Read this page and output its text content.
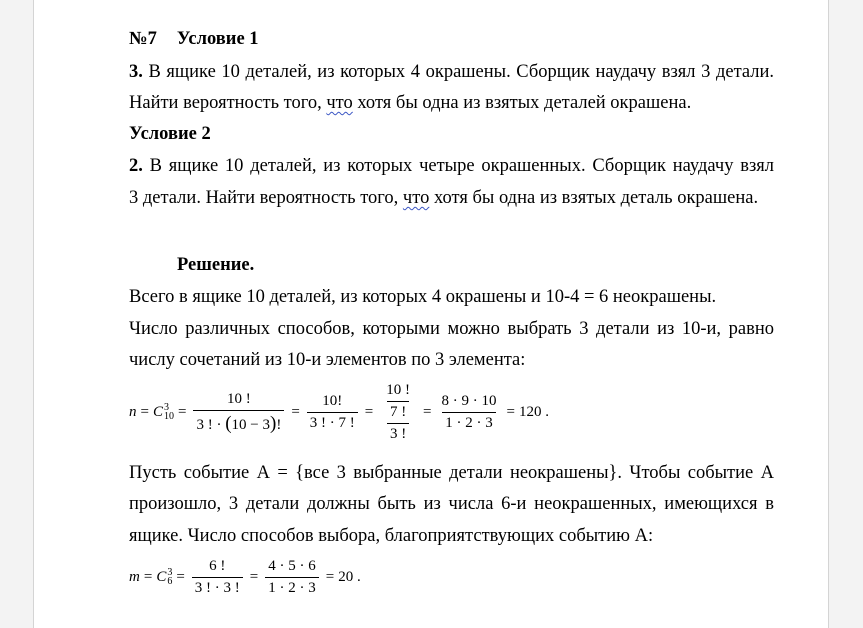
№7 Условие 1
3. В ящике 10 деталей, из которых 4 окрашены. Сборщик наудачу взял 3 детали.
Найти вероятность того, что хотя бы одна из взятых деталей окрашена.
Условие 2
2. В ящике 10 деталей, из которых четыре окрашенных. Сборщик наудачу взял
3 детали. Найти вероятность того, что хотя бы одна из взятых деталь окрашена.
Решение.
Всего в ящике 10 деталей, из которых 4 окрашены и 10-4 = 6 неокрашены.
Число различных способов, которыми можно выбрать 3 детали из 10-и, равно
числу сочетаний из 10-и элементов по 3 элемента:
n = C 3
$10 = \frac{10 !}{3 ! \cdot (10 - 3)!} = \frac{10!}{3 ! \cdot 7 !} = \frac{\frac{10 !}{7 !}}{3 !} = \frac{8 \cdot 9 \cdot 10}{1 \cdot 2 \cdot 3} = 120$ .
Пусть событие А = {все 3 выбранные детали неокрашены}. Чтобы событие А
произошло, 3 детали должны быть из числа 6-и неокрашенных, имеющихся в
ящике. Число способов выбора, благоприятствующих событию А:
m = C 3
$6 = \frac{6 !}{3 ! \cdot 3 !} = \frac{4 \cdot 5 \cdot 6}{1 \cdot 2 \cdot 3} = 20$ .
